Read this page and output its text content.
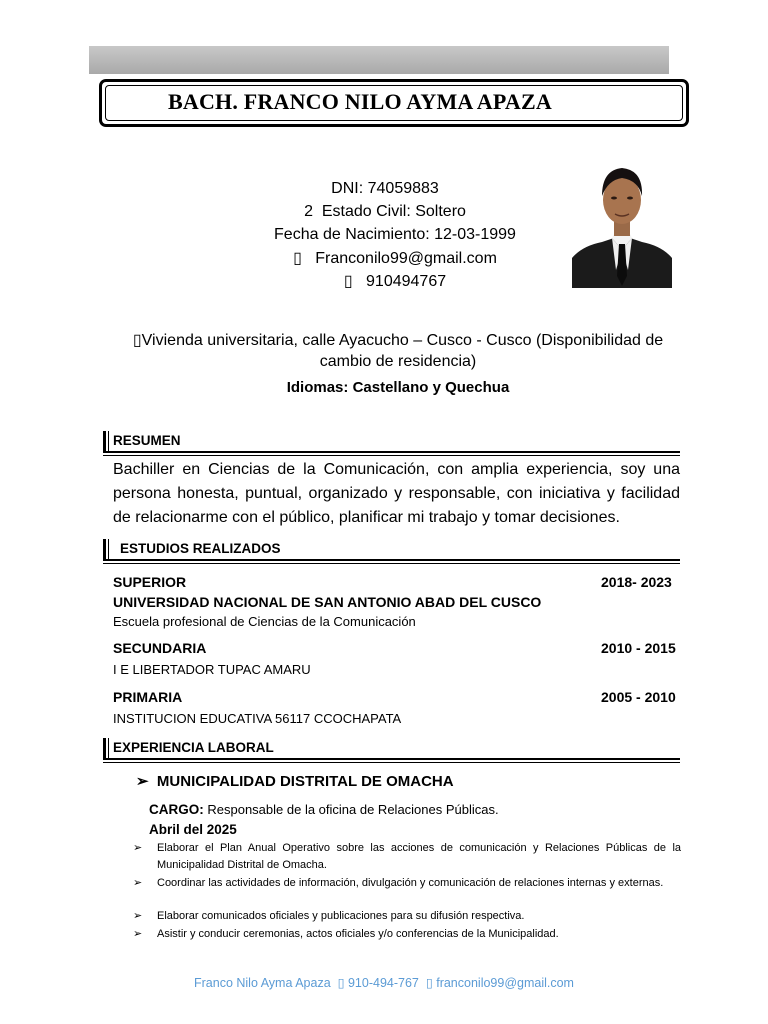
BACH. FRANCO NILO AYMA APAZA
DNI: 74059883
2 Estado Civil: Soltero
Fecha de Nacimiento: 12-03-1999
▯ Franconilo99@gmail.com
▯ 910494767
▯Vivienda universitaria, calle Ayacucho – Cusco - Cusco (Disponibilidad de
cambio de residencia)
Idiomas: Castellano y Quechua
RESUMEN
Bachiller en Ciencias de la Comunicación, con amplia experiencia, soy una persona honesta, puntual, organizado y responsable, con iniciativa y facilidad de relacionarme con el público, planificar mi trabajo y tomar decisiones.
ESTUDIOS REALIZADOS
SUPERIOR	2018- 2023
UNIVERSIDAD NACIONAL DE SAN ANTONIO ABAD DEL CUSCO
Escuela profesional de Ciencias de la Comunicación
SECUNDARIA	2010 - 2015
I E LIBERTADOR TUPAC AMARU
PRIMARIA	2005 - 2010
INSTITUCION EDUCATIVA 56117 CCOCHAPATA
EXPERIENCIA LABORAL
➢ MUNICIPALIDAD DISTRITAL DE OMACHA
CARGO: Responsable de la oficina de Relaciones Públicas.
Abril del 2025
➢ Elaborar el Plan Anual Operativo sobre las acciones de comunicación y Relaciones Públicas de la Municipalidad Distrital de Omacha.
➢ Coordinar las actividades de información, divulgación y comunicación de relaciones internas y externas.
➢ Elaborar comunicados oficiales y publicaciones para su difusión respectiva.
➢ Asistir y conducir ceremonias, actos oficiales y/o conferencias de la Municipalidad.
Franco Nilo Ayma Apaza ▯ 910-494-767 ▯ franconilo99@gmail.com
